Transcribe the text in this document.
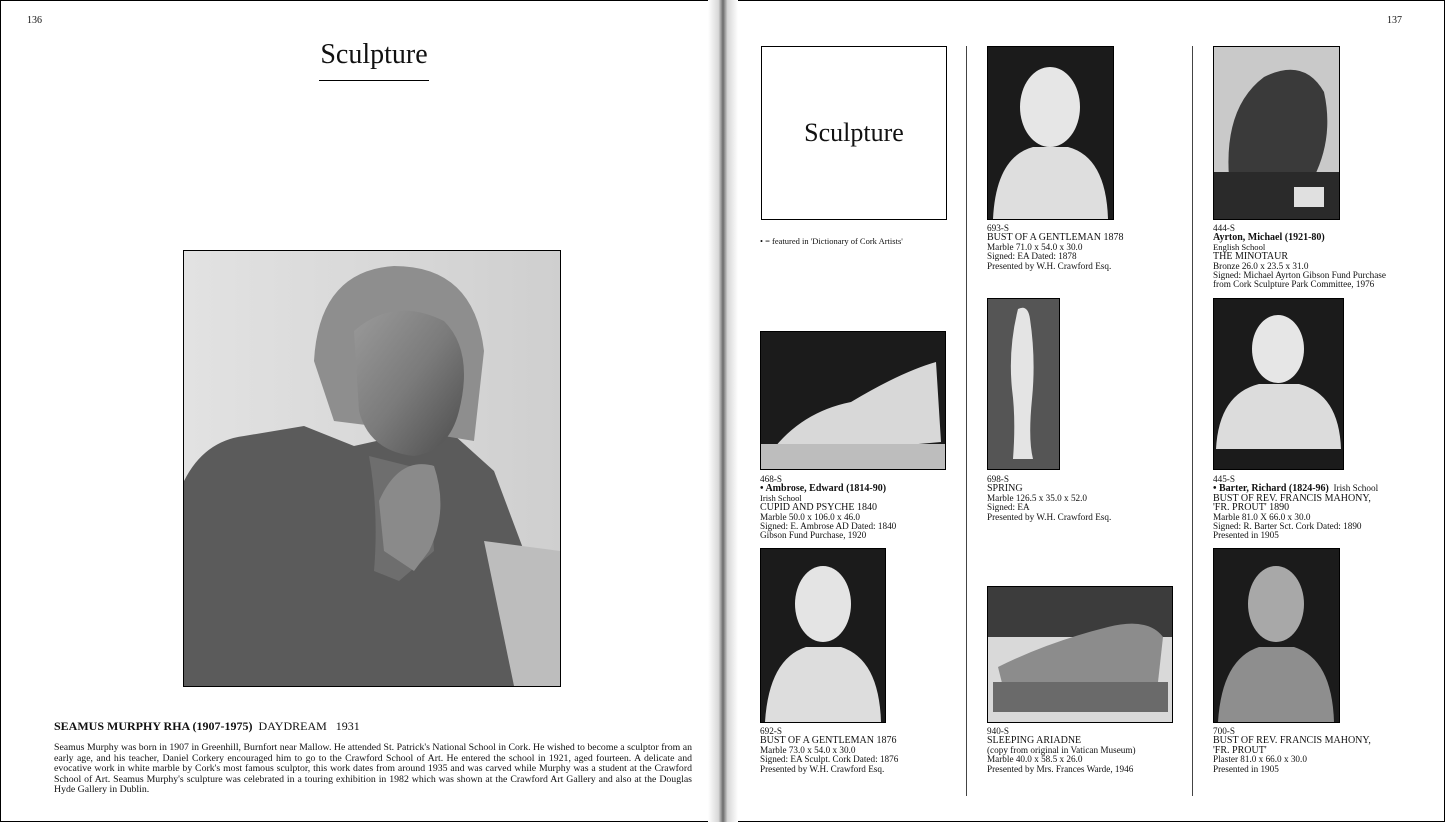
136
Sculpture
SEAMUS MURPHY RHA (1907-1975) DAYDREAM 1931
Seamus Murphy was born in 1907 in Greenhill, Burnfort near Mallow. He attended St. Patrick's National School in Cork. He wished to become a sculptor from an early age, and his teacher, Daniel Corkery encouraged him to go to the Crawford School of Art. He entered the school in 1921, aged fourteen. A delicate and evocative work in white marble by Cork's most famous sculptor, this work dates from around 1935 and was carved while Murphy was a student at the Crawford School of Art. Seamus Murphy's sculpture was celebrated in a touring exhibition in 1982 which was shown at the Crawford Art Gallery and also at the Douglas Hyde Gallery in Dublin.
137
Sculpture
• = featured in 'Dictionary of Cork Artists'
693-S
BUST OF A GENTLEMAN 1878
Marble 71.0 x 54.0 x 30.0
Signed: EA Dated: 1878
Presented by W.H. Crawford Esq.
444-S
Ayrton, Michael (1921-80)
English School
THE MINOTAUR
Bronze 26.0 x 23.5 x 31.0
Signed: Michael Ayrton Gibson Fund Purchase
from Cork Sculpture Park Committee, 1976
468-S
• Ambrose, Edward (1814-90)
Irish School
CUPID AND PSYCHE 1840
Marble 50.0 x 106.0 x 46.0
Signed: E. Ambrose AD Dated: 1840
Gibson Fund Purchase, 1920
698-S
SPRING
Marble 126.5 x 35.0 x 52.0
Signed: EA
Presented by W.H. Crawford Esq.
445-S
• Barter, Richard (1824-96) Irish School
BUST OF REV. FRANCIS MAHONY,
'FR. PROUT' 1890
Marble 81.0 X 66.0 x 30.0
Signed: R. Barter Sct. Cork Dated: 1890
Presented in 1905
692-S
BUST OF A GENTLEMAN 1876
Marble 73.0 x 54.0 x 30.0
Signed: EA Sculpt. Cork Dated: 1876
Presented by W.H. Crawford Esq.
940-S
SLEEPING ARIADNE
(copy from original in Vatican Museum)
Marble 40.0 x 58.5 x 26.0
Presented by Mrs. Frances Warde, 1946
700-S
BUST OF REV. FRANCIS MAHONY,
'FR. PROUT'
Plaster 81.0 x 66.0 x 30.0
Presented in 1905
